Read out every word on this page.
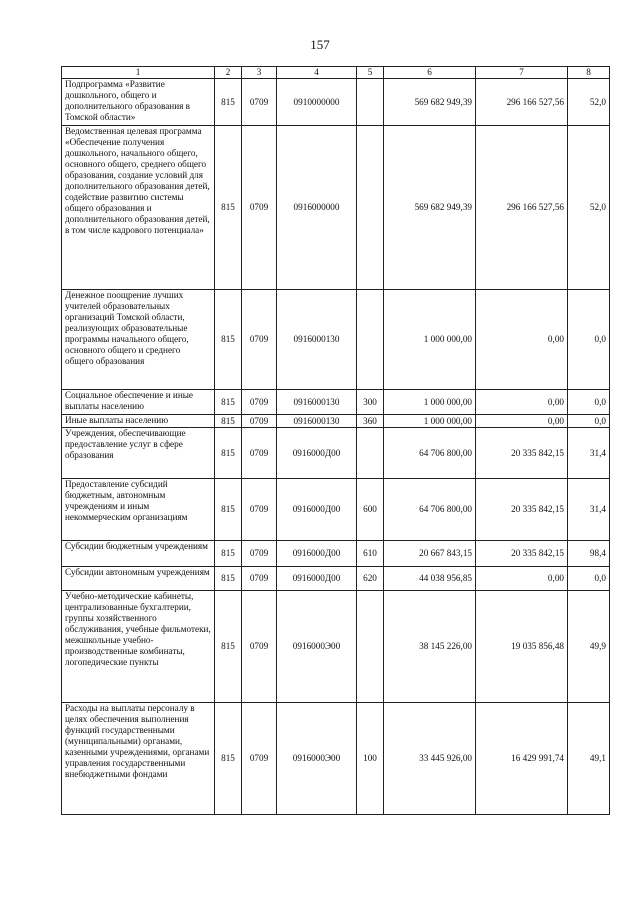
157
1	2	3	4	5	6	7	8
Подпрограмма «Развитие дошкольного, общего и дополнительного образования в Томской области»	815	0709	0910000000		569 682 949,39	296 166 527,56	52,0
Ведомственная целевая программа «Обеспечение получения дошкольного, начального общего, основного общего, среднего общего образования, создание условий для дополнительного образования детей, содействие развитию системы общего образования и дополнительного образования детей, в том числе кадрового потенциала»	815	0709	0916000000		569 682 949,39	296 166 527,56	52,0
Денежное поощрение лучших учителей образовательных организаций Томской области, реализующих образовательные программы начального общего, основного общего и среднего общего образования	815	0709	0916000130		1 000 000,00	0,00	0,0
Социальное обеспечение и иные выплаты населению	815	0709	0916000130	300	1 000 000,00	0,00	0,0
Иные выплаты населению	815	0709	0916000130	360	1 000 000,00	0,00	0,0
Учреждения, обеспечивающие предоставление услуг в сфере образования	815	0709	0916000Д00		64 706 800,00	20 335 842,15	31,4
Предоставление субсидий бюджетным, автономным учреждениям и иным некоммерческим организациям	815	0709	0916000Д00	600	64 706 800,00	20 335 842,15	31,4
Субсидии бюджетным учреждениям	815	0709	0916000Д00	610	20 667 843,15	20 335 842,15	98,4
Субсидии автономным учреждениям	815	0709	0916000Д00	620	44 038 956,85	0,00	0,0
Учебно-методические кабинеты, централизованные бухгалтерии, группы хозяйственного обслуживания, учебные фильмотеки, межшкольные учебно-производственные комбинаты, логопедические пункты	815	0709	0916000Э00		38 145 226,00	19 035 856,48	49,9
Расходы на выплаты персоналу в целях обеспечения выполнения функций государственными (муниципальными) органами, казенными учреждениями, органами управления государственными внебюджетными фондами	815	0709	0916000Э00	100	33 445 926,00	16 429 991,74	49,1
